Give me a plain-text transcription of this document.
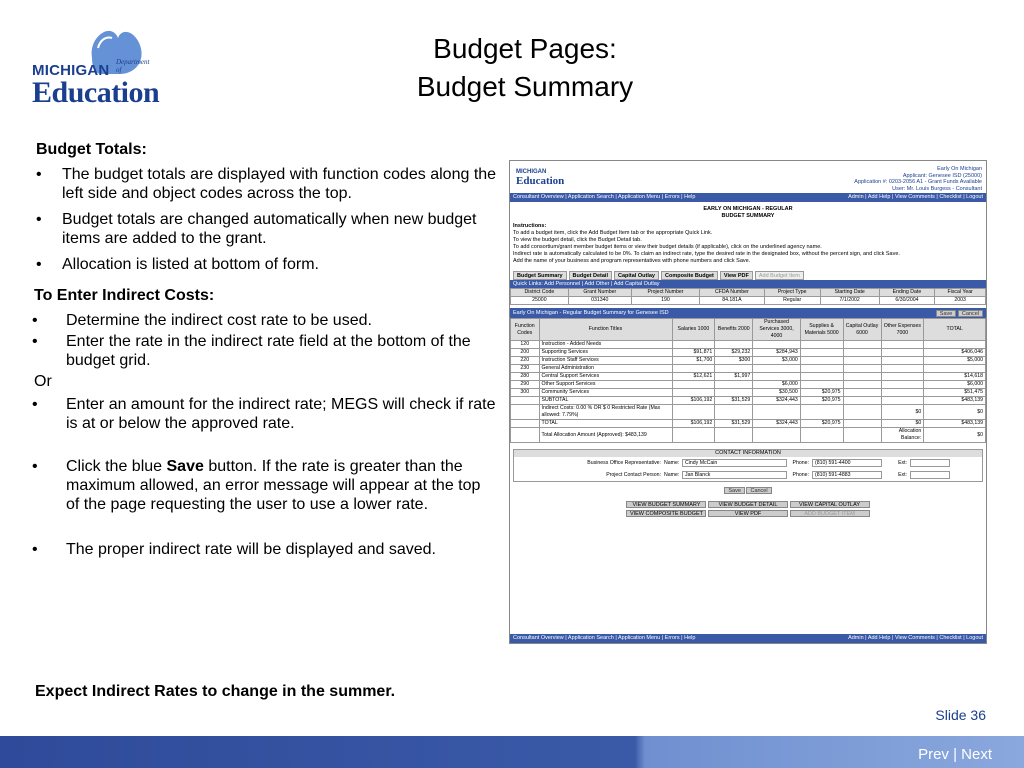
MICHIGAN Department of
Education
Budget Pages:
Budget Summary
Budget Totals:
• The budget totals are displayed with function codes along the left side and object codes across the top.
• Budget totals are changed automatically when new budget items are added to the grant.
• Allocation is listed at bottom of form.
To Enter Indirect Costs:
• Determine the indirect cost rate to be used.
• Enter the rate in the indirect rate field at the bottom of the budget grid.
Or
• Enter an amount for the indirect rate; MEGS will check if rate is at or below the approved rate.
• Click the blue Save button. If the rate is greater than the maximum allowed, an error message will appear at the top of the page requesting the user to use a lower rate.
• The proper indirect rate will be displayed and saved.
Expect Indirect Rates to change in the summer.
MICHIGAN
Education
Early On Michigan
Applicant: Genesee ISD (25000)
Application #: 0203-2056 A1 - Grant Funds Available
User: Mr. Louis Burgess - Consultant
Consultant Overview | Application Search | Application Menu | Errors | Help	Admin | Add Help | View Comments | Checklist | Logout
EARLY ON MICHIGAN - REGULAR
BUDGET SUMMARY
Instructions:
To add a budget item, click the Add Budget Item tab or the appropriate Quick Link.
To view the budget detail, click the Budget Detail tab.
To add consortium/grant member budget items or view their budget details (if applicable), click on the underlined agency name.
Indirect rate is automatically calculated to be 0%. To claim an indirect rate, type the desired rate in the designated box, without the percent sign, and click Save.
Add the name of your business and program representatives with phone numbers and click Save.
Budget Summary	Budget Detail	Capital Outlay	Composite Budget	View PDF	Add Budget Item
Quick Links: Add Personnel | Add Other | Add Capital Outlay
District Code	Grant Number	Project Number	CFDA Number	Project Type	Starting Date	Ending Date	Fiscal Year
25000	031340	190	84.181A	Regular	7/1/2002	6/30/2004	2003
Early On Michigan - Regular Budget Summary for Genesee ISD	Save Cancel
Function Codes	Function Titles	Salaries 1000	Benefits 2000	Purchased Services 3000, 4000	Supplies & Materials 5000	Capital Outlay 6000	Other Expenses 7000	TOTAL
120	Instruction - Added Needs							
200	Supporting Services	$91,871	$29,232	$284,943				$406,046
220	Instruction Staff Services	$1,700	$300	$3,000				$5,000
230	General Administration							
280	Central Support Services	$12,621	$1,997					$14,618
290	Other Support Services			$6,000				$6,000
300	Community Services			$30,500	$20,975			$51,475
	SUBTOTAL	$106,192	$31,529	$324,443	$20,975			$483,139
	Indirect Costs: 0.00 % OR $ 0 Restricted Rate (Max allowed: 7.79%)						$0	$0
	TOTAL	$106,192	$31,529	$324,443	$20,975		$0	$483,139
	Total Allocation Amount (Approved): $483,139						Allocation Balance:	$0
CONTACT INFORMATION
Business Office Representative: Name:	Cindy McCain	Phone:	(810) 591-4400	Ext:
Project Contact Person: Name:	Jan Blanck	Phone:	(810) 591-4883	Ext:
Save Cancel
VIEW BUDGET SUMMARY	VIEW BUDGET DETAIL	VIEW CAPITAL OUTLAY
VIEW COMPOSITE BUDGET	VIEW PDF	ADD BUDGET ITEM
Consultant Overview | Application Search | Application Menu | Errors | Help	Admin | Add Help | View Comments | Checklist | Logout
Slide 36
Prev | Next
